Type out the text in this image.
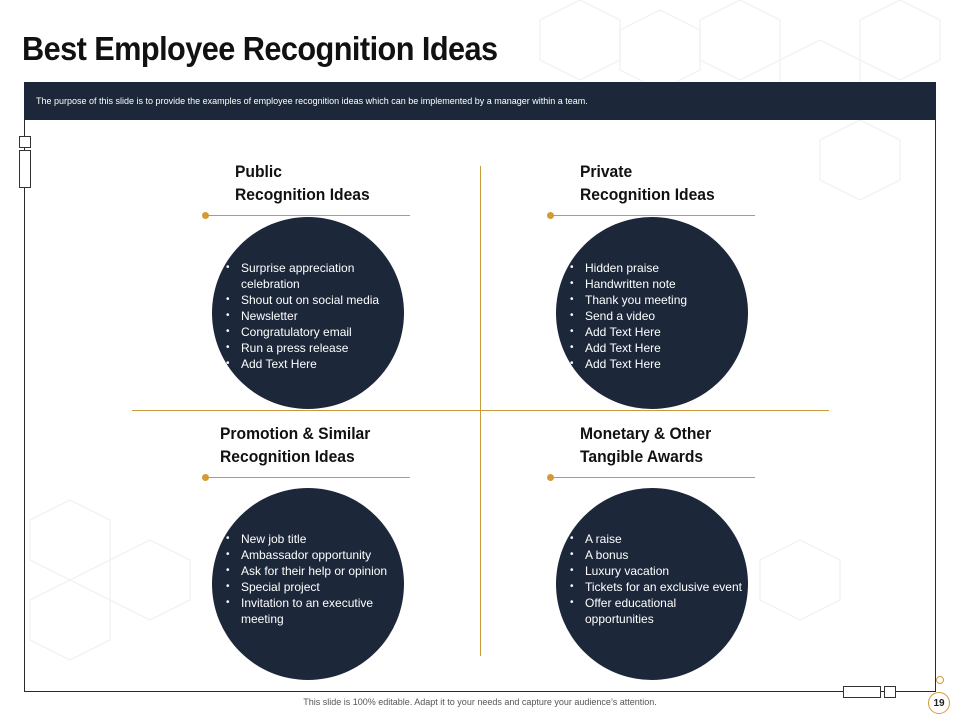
Best Employee Recognition Ideas
The purpose of this slide is to provide the examples of employee recognition ideas which can be implemented by a manager within a team.
Public
Recognition Ideas
• Surprise appreciation celebration
• Shout out on social media
• Newsletter
• Congratulatory email
• Run a press release
• Add Text Here
Private
Recognition Ideas
• Hidden praise
• Handwritten note
• Thank you meeting
• Send a video
• Add Text Here
• Add Text Here
• Add Text Here
Promotion & Similar
Recognition Ideas
• New job title
• Ambassador opportunity
• Ask for their help or opinion
• Special project
• Invitation to an executive meeting
Monetary & Other
Tangible Awards
• A raise
• A bonus
• Luxury vacation
• Tickets for an exclusive event
• Offer educational opportunities
This slide is 100% editable. Adapt it to your needs and capture your audience’s attention.	19
